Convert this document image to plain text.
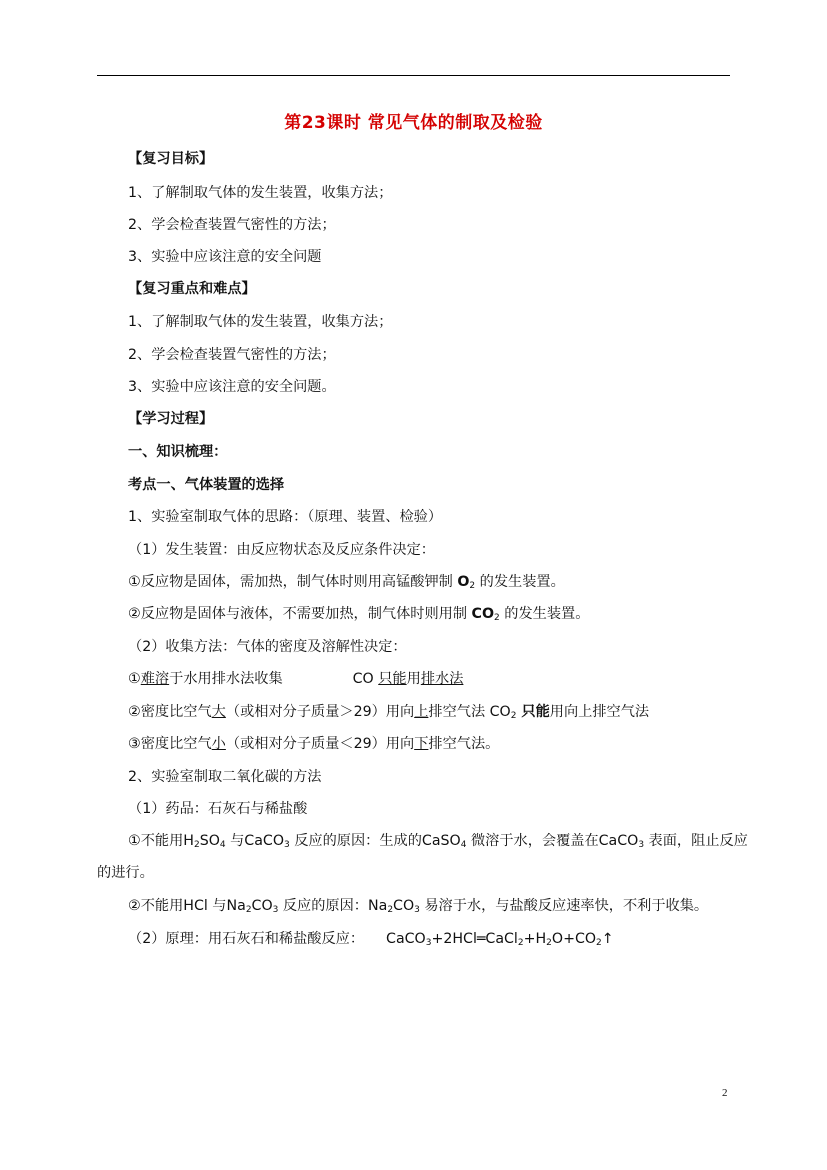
第23课时 常见气体的制取及检验
【复习目标】
1、了解制取气体的发生装置，收集方法；
2、学会检查装置气密性的方法；
3、实验中应该注意的安全问题
【复习重点和难点】
1、了解制取气体的发生装置，收集方法；
2、学会检查装置气密性的方法；
3、实验中应该注意的安全问题。
【学习过程】
一、知识梳理：
考点一、气体装置的选择
1、实验室制取气体的思路：（原理、装置、检验）
（1）发生装置：由反应物状态及反应条件决定：
①反应物是固体，需加热，制气体时则用高锰酸钾制 $O_2$ 的发生装置。
②反应物是固体与液体，不需要加热，制气体时则用制 $CO_2$ 的发生装置。
（2）收集方法：气体的密度及溶解性决定：
①难溶于水用排水法收集	CO 只能用排水法
②密度比空气大（或相对分子质量＞29）用向上排空气法 $CO_2$ 只能用向上排空气法
③密度比空气小（或相对分子质量＜29）用向下排空气法。
2、实验室制取二氧化碳的方法
（1）药品：石灰石与稀盐酸
①不能用$H_2SO_4$ 与CaCO$_3$ 反应的原因：生成的CaSO$_4$ 微溶于水，会覆盖在CaCO$_3$ 表面，阻止反应
的进行。
②不能用HCl 与$Na_2CO_3$ 反应的原因：$Na_2CO_3$ 易溶于水，与盐酸反应速率快，不利于收集。
（2）原理：用石灰石和稀盐酸反应： $CaCO_3+2HCl═CaCl_2+H_2O+CO_2↑$
2
